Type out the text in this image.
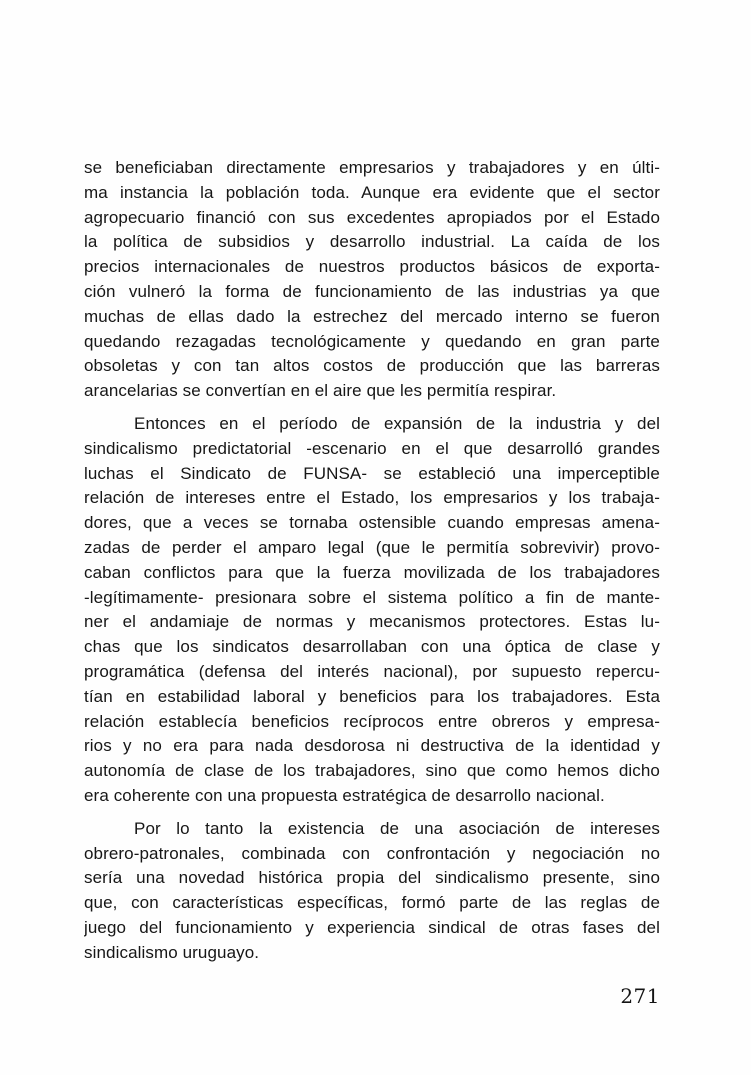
se beneficiaban directamente empresarios y trabajadores y en últi-
ma instancia la población toda. Aunque era evidente que el sector
agropecuario financió con sus excedentes apropiados por el Estado
la política de subsidios y desarrollo industrial. La caída de los
precios internacionales de nuestros productos básicos de exporta-
ción vulneró la forma de funcionamiento de las industrias ya que
muchas de ellas dado la estrechez del mercado interno se fueron
quedando rezagadas tecnológicamente y quedando en gran parte
obsoletas y con tan altos costos de producción que las barreras
arancelarias se convertían en el aire que les permitía respirar.

Entonces en el período de expansión de la industria y del
sindicalismo predictatorial -escenario en el que desarrolló grandes
luchas el Sindicato de FUNSA- se estableció una imperceptible
relación de intereses entre el Estado, los empresarios y los trabaja-
dores, que a veces se tornaba ostensible cuando empresas amena-
zadas de perder el amparo legal (que le permitía sobrevivir) provo-
caban conflictos para que la fuerza movilizada de los trabajadores
-legítimamente- presionara sobre el sistema político a fin de mante-
ner el andamiaje de normas y mecanismos protectores. Estas lu-
chas que los sindicatos desarrollaban con una óptica de clase y
programática (defensa del interés nacional), por supuesto repercu-
tían en estabilidad laboral y beneficios para los trabajadores. Esta
relación establecía beneficios recíprocos entre obreros y empresa-
rios y no era para nada desdorosa ni destructiva de la identidad y
autonomía de clase de los trabajadores, sino que como hemos dicho
era coherente con una propuesta estratégica de desarrollo nacional.

Por lo tanto la existencia de una asociación de intereses
obrero-patronales, combinada con confrontación y negociación no
sería una novedad histórica propia del sindicalismo presente, sino
que, con características específicas, formó parte de las reglas de
juego del funcionamiento y experiencia sindical de otras fases del
sindicalismo uruguayo.

271
